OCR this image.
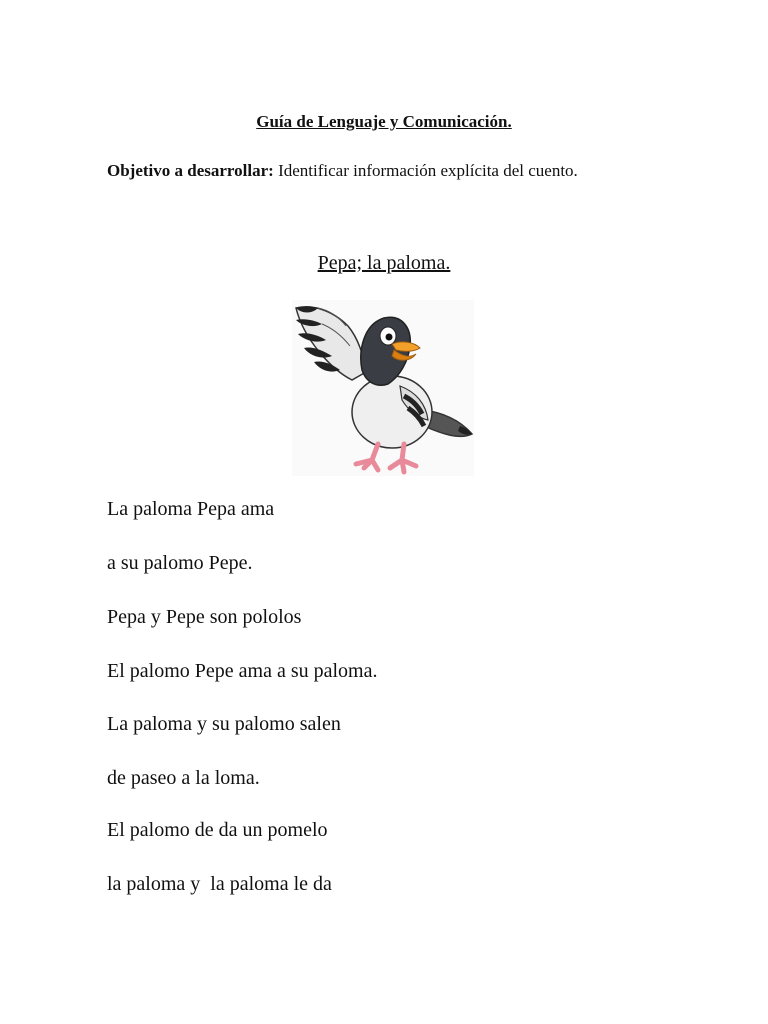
Guía de Lenguaje y Comunicación.
Objetivo a desarrollar: Identificar información explícita del cuento.
Pepa; la paloma.
La paloma Pepa ama
a su palomo Pepe.
Pepa y Pepe son pololos
El palomo Pepe ama a su paloma.
La paloma y su palomo salen
de paseo a la loma.
El palomo de da un pomelo
la paloma y  la paloma le da
